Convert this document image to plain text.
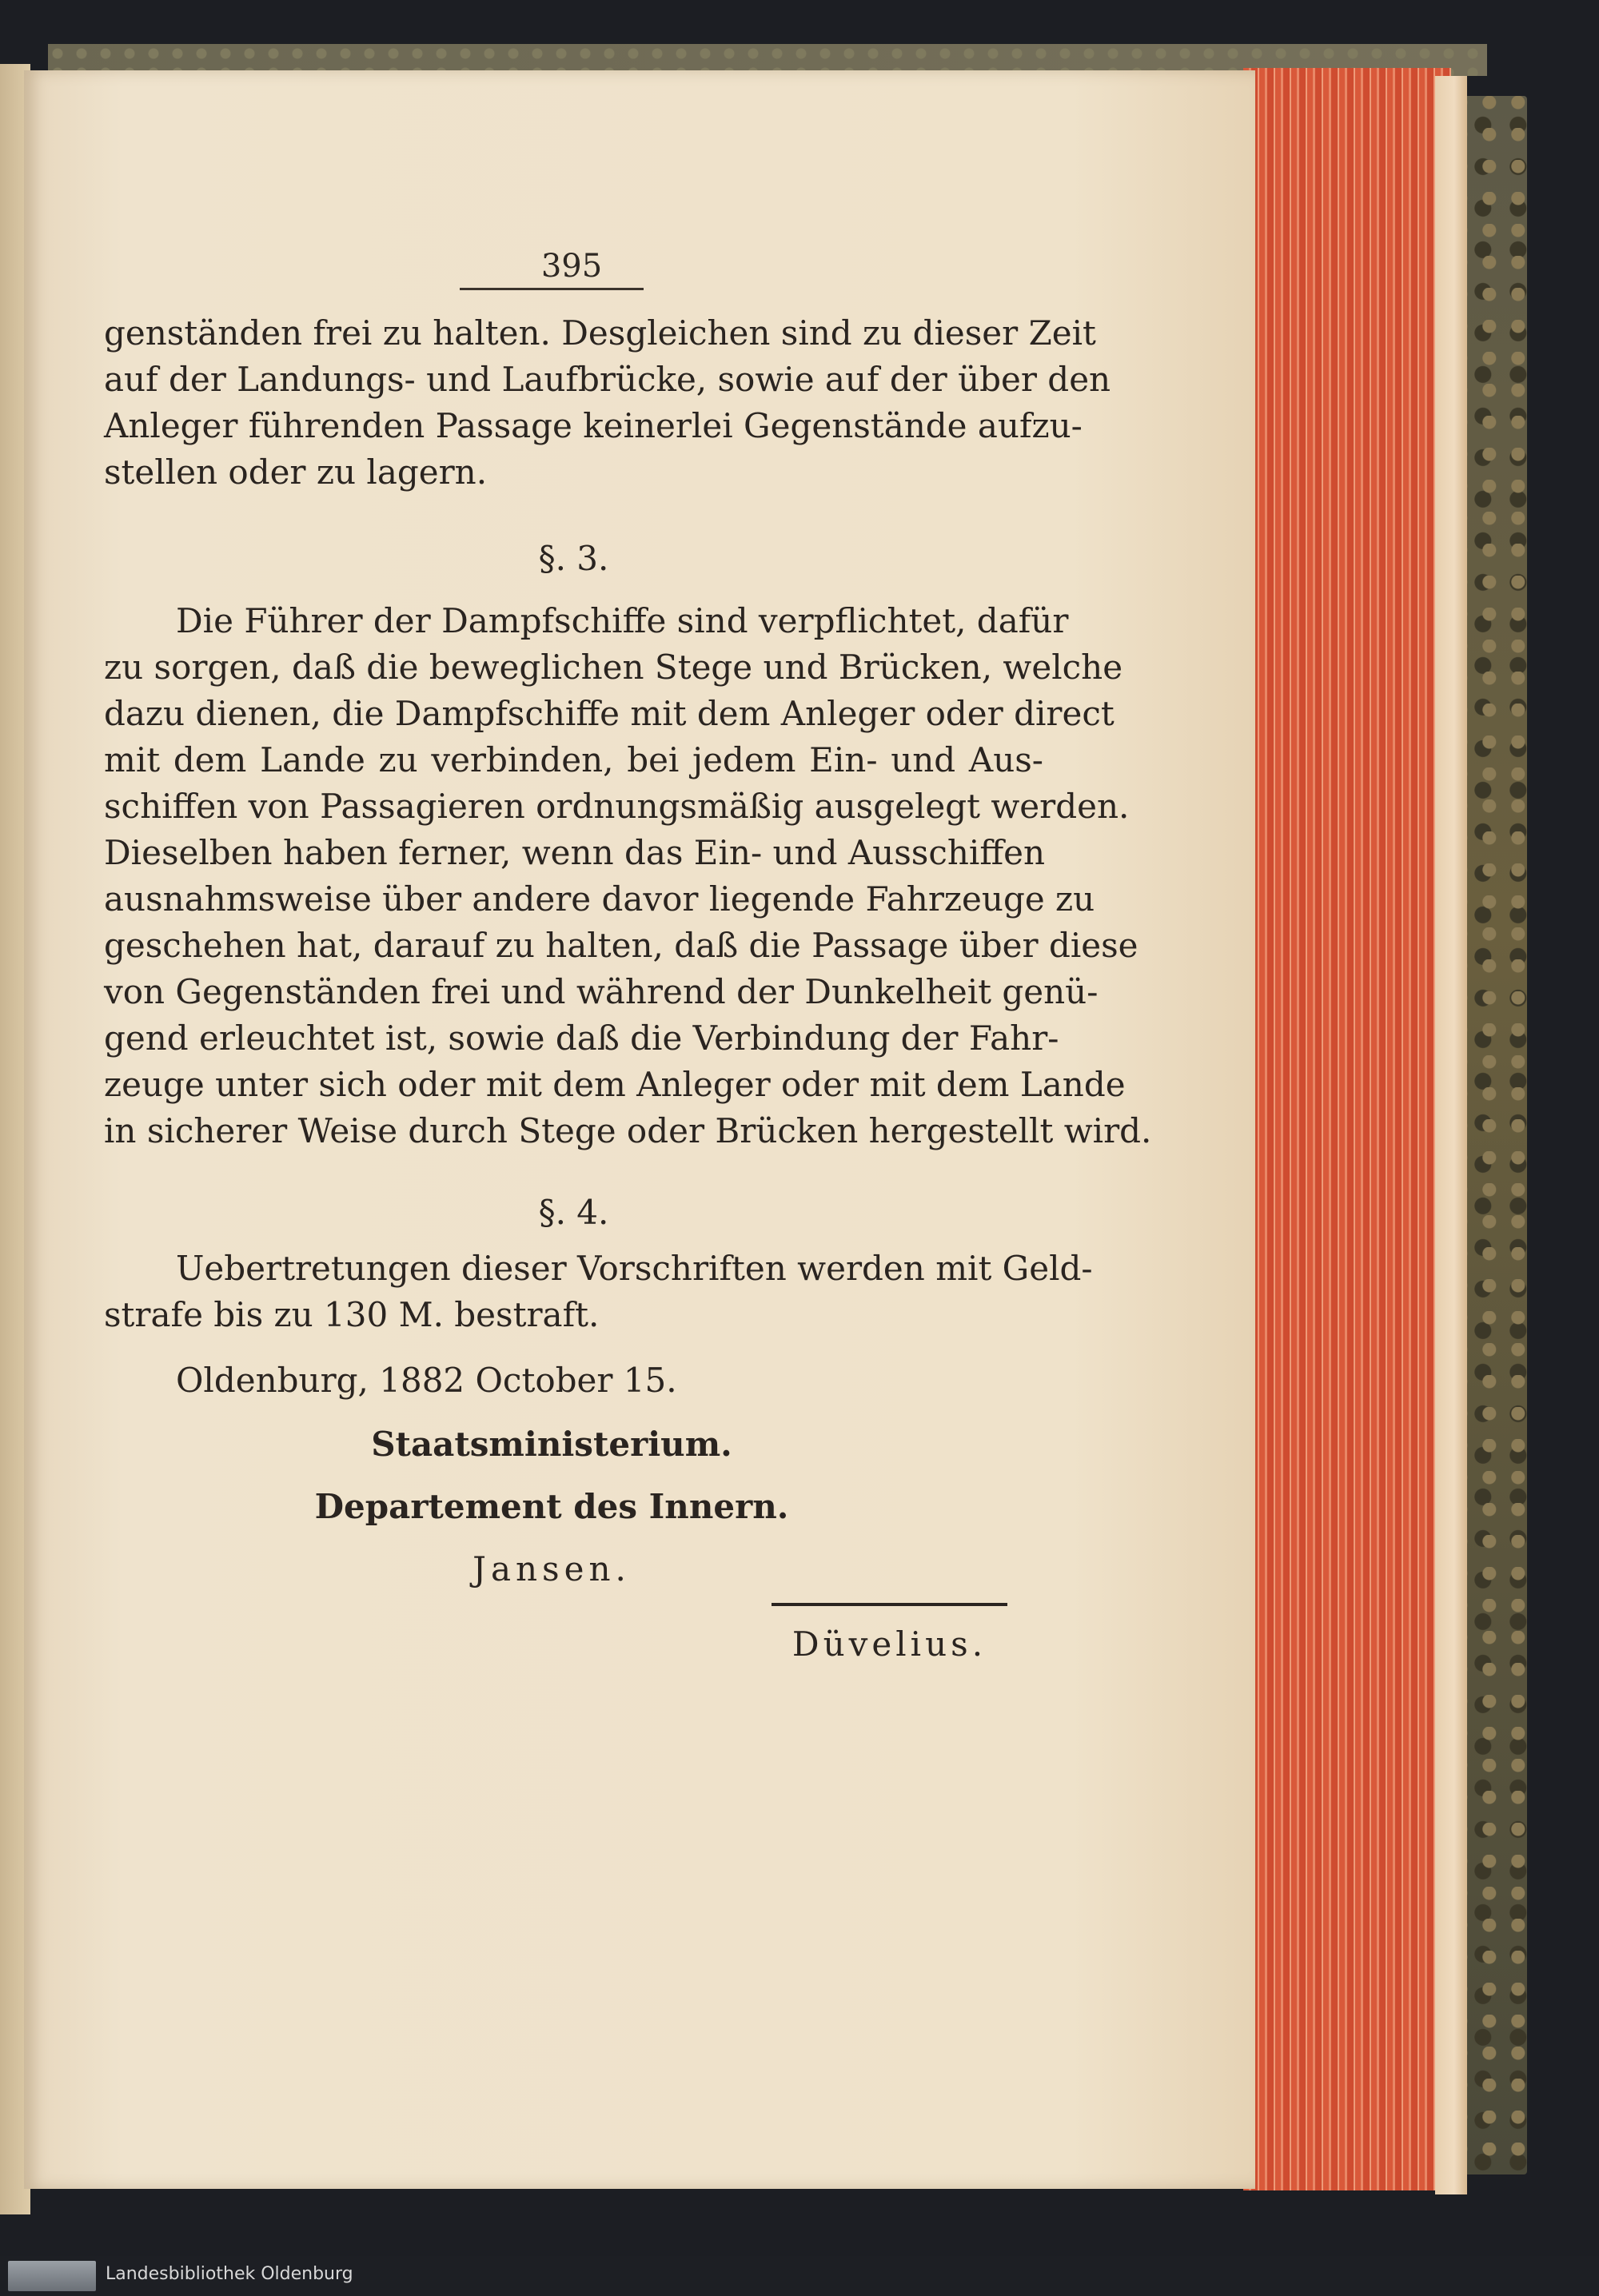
395
genständen frei zu halten. Desgleichen sind zu dieser Zeit
auf der Landungs- und Laufbrücke, sowie auf der über den
Anleger führenden Passage keinerlei Gegenstände aufzu-
stellen oder zu lagern.
§. 3.
Die Führer der Dampfschiffe sind verpflichtet, dafür
zu sorgen, daß die beweglichen Stege und Brücken, welche
dazu dienen, die Dampfschiffe mit dem Anleger oder direct
mit dem Lande zu verbinden, bei jedem Ein- und Aus-
schiffen von Passagieren ordnungsmäßig ausgelegt werden.
Dieselben haben ferner, wenn das Ein- und Ausschiffen
ausnahmsweise über andere davor liegende Fahrzeuge zu
geschehen hat, darauf zu halten, daß die Passage über diese
von Gegenständen frei und während der Dunkelheit genü-
gend erleuchtet ist, sowie daß die Verbindung der Fahr-
zeuge unter sich oder mit dem Anleger oder mit dem Lande
in sicherer Weise durch Stege oder Brücken hergestellt wird.
§. 4.
Uebertretungen dieser Vorschriften werden mit Geld-
strafe bis zu 130 M. bestraft.
Oldenburg, 1882 October 15.
Staatsministerium.
Departement des Innern.
Jansen.
Düvelius.
Landesbibliothek Oldenburg
